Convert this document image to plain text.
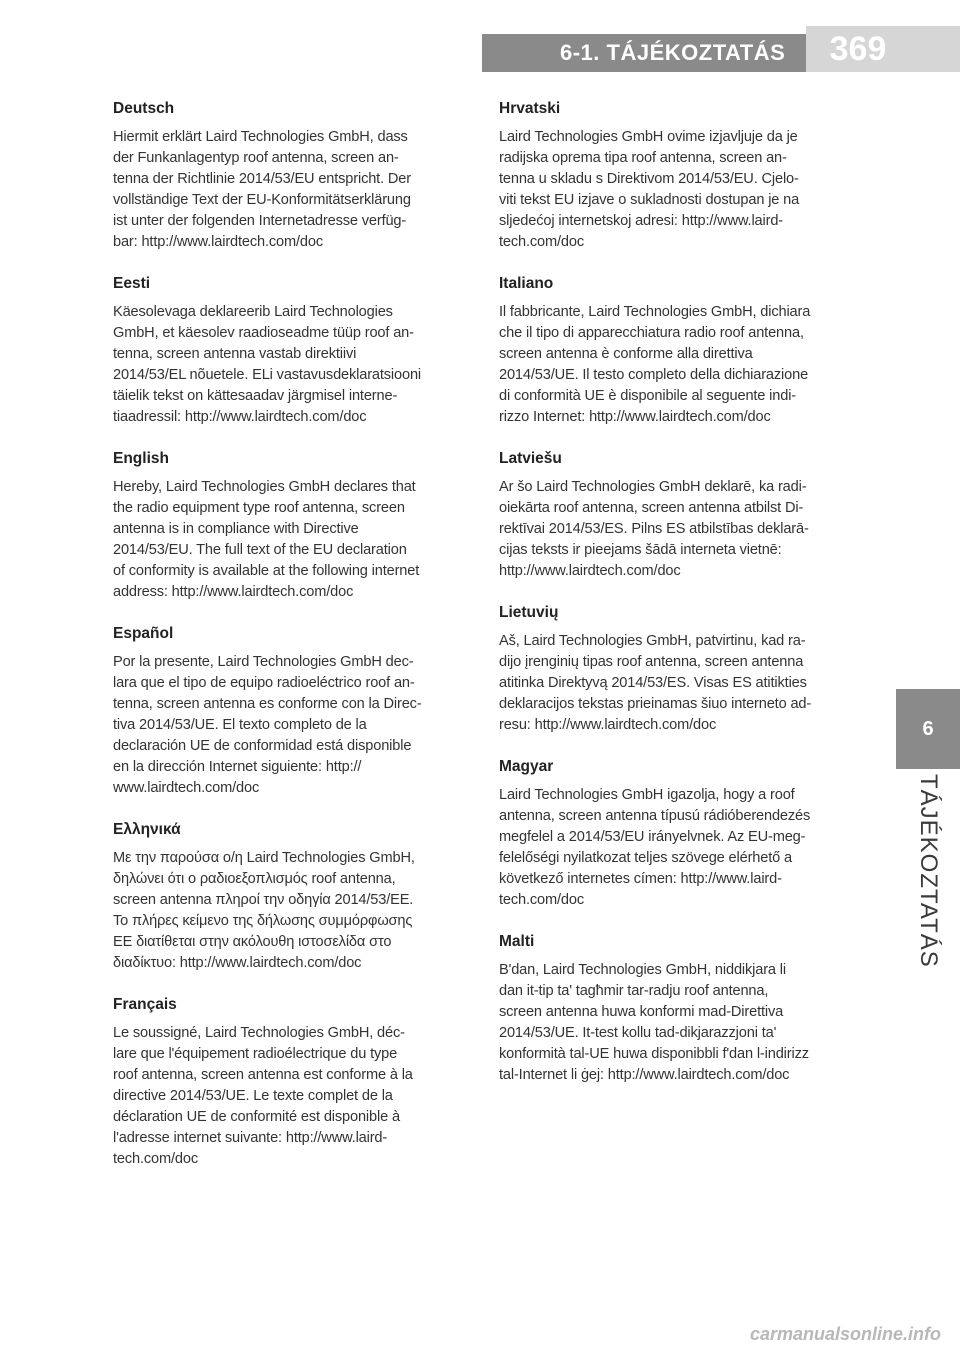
6-1. TÁJÉKOZTATÁS	369
6
TÁJÉKOZTATÁS

Deutsch

Hiermit erklärt Laird Technologies GmbH, dass
der Funkanlagentyp roof antenna, screen an-
tenna der Richtlinie 2014/53/EU entspricht. Der
vollständige Text der EU-Konformitätserklärung
ist unter der folgenden Internetadresse verfüg-
bar: http://www.lairdtech.com/doc

Eesti

Käesolevaga deklareerib Laird Technologies
GmbH, et käesolev raadioseadme tüüp roof an-
tenna, screen antenna vastab direktiivi
2014/53/EL nõuetele. ELi vastavusdeklaratsiooni
täielik tekst on kättesaadav järgmisel interne-
tiaadressil: http://www.lairdtech.com/doc

English

Hereby, Laird Technologies GmbH declares that
the radio equipment type roof antenna, screen
antenna is in compliance with Directive
2014/53/EU. The full text of the EU declaration
of conformity is available at the following internet
address: http://www.lairdtech.com/doc

Español

Por la presente, Laird Technologies GmbH dec-
lara que el tipo de equipo radioeléctrico roof an-
tenna, screen antenna es conforme con la Direc-
tiva 2014/53/UE. El texto completo de la
declaración UE de conformidad está disponible
en la dirección Internet siguiente: http://
www.lairdtech.com/doc

Ελληνικά

Με την παρούσα ο/η Laird Technologies GmbH,
δηλώνει ότι ο ραδιοεξοπλισμός roof antenna,
screen antenna πληροί την οδηγία 2014/53/ΕΕ.
Το πλήρες κείμενο της δήλωσης συμμόρφωσης
ΕΕ διατίθεται στην ακόλουθη ιστοσελίδα στο
διαδίκτυο: http://www.lairdtech.com/doc

Français

Le soussigné, Laird Technologies GmbH, déc-
lare que l'équipement radioélectrique du type
roof antenna, screen antenna est conforme à la
directive 2014/53/UE. Le texte complet de la
déclaration UE de conformité est disponible à
l'adresse internet suivante: http://www.laird-
tech.com/doc

Hrvatski

Laird Technologies GmbH ovime izjavljuje da je
radijska oprema tipa roof antenna, screen an-
tenna u skladu s Direktivom 2014/53/EU. Cjelo-
viti tekst EU izjave o sukladnosti dostupan je na
sljedećoj internetskoj adresi: http://www.laird-
tech.com/doc

Italiano

Il fabbricante, Laird Technologies GmbH, dichiara
che il tipo di apparecchiatura radio roof antenna,
screen antenna è conforme alla direttiva
2014/53/UE. Il testo completo della dichiarazione
di conformità UE è disponibile al seguente indi-
rizzo Internet: http://www.lairdtech.com/doc

Latviešu

Ar šo Laird Technologies GmbH deklarē, ka radi-
oiekārta roof antenna, screen antenna atbilst Di-
rektīvai 2014/53/ES. Pilns ES atbilstības deklarā-
cijas teksts ir pieejams šādā interneta vietnē:
http://www.lairdtech.com/doc

Lietuvių

Aš, Laird Technologies GmbH, patvirtinu, kad ra-
dijo įrenginių tipas roof antenna, screen antenna
atitinka Direktyvą 2014/53/ES. Visas ES atitikties
deklaracijos tekstas prieinamas šiuo interneto ad-
resu: http://www.lairdtech.com/doc

Magyar

Laird Technologies GmbH igazolja, hogy a roof
antenna, screen antenna típusú rádióberendezés
megfelel a 2014/53/EU irányelvnek. Az EU-meg-
felelőségi nyilatkozat teljes szövege elérhető a
következő internetes címen: http://www.laird-
tech.com/doc

Malti

B'dan, Laird Technologies GmbH, niddikjara li
dan it-tip ta' tagħmir tar-radju roof antenna,
screen antenna huwa konformi mad-Direttiva
2014/53/UE. It-test kollu tad-dikjarazzjoni ta'
konformità tal-UE huwa disponibbli f'dan l-indirizz
tal-Internet li ġej: http://www.lairdtech.com/doc

carmanualsonline.info
